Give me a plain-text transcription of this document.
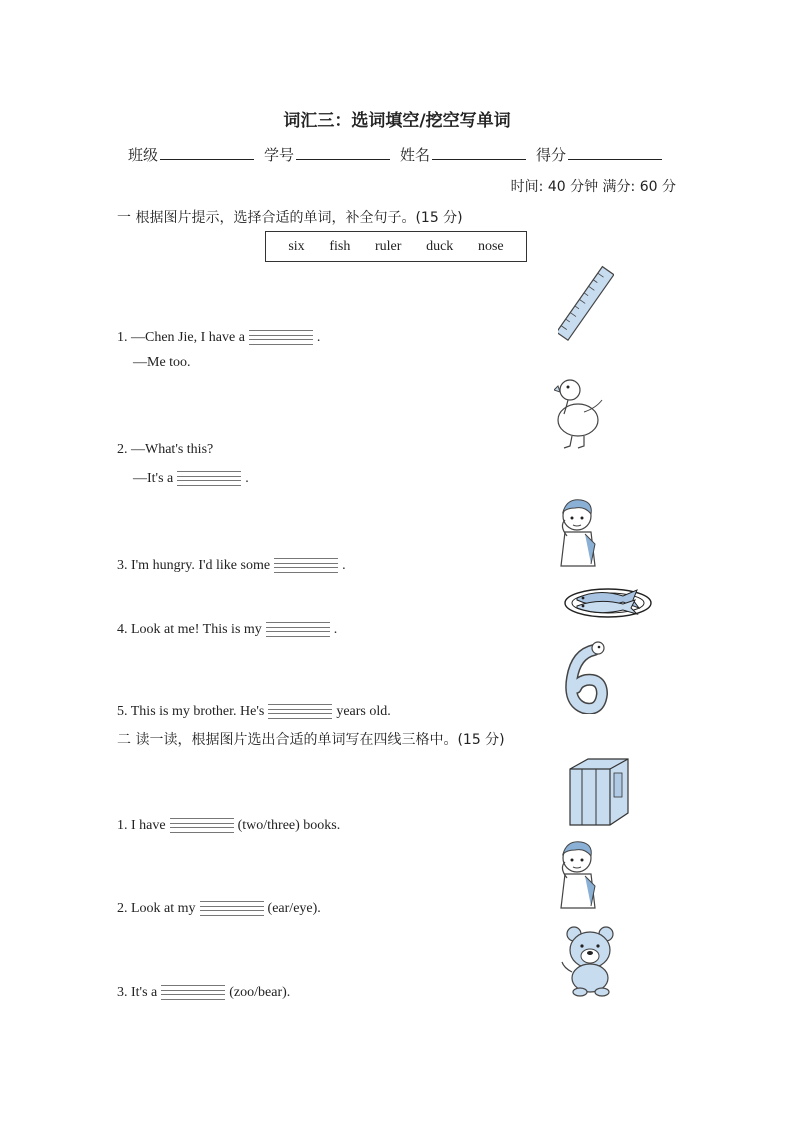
词汇三：选词填空/挖空写单词
班级	学号	姓名	得分
时间: 40 分钟 满分: 60 分
一 根据图片提示，选择合适的单词，补全句子。(15 分)
six fish ruler duck nose
1. —Chen Jie, I have a	.
—Me too.
2. —What's this?
—It's a	.
3. I'm hungry. I'd like some	.
4. Look at me! This is my	.
5. This is my brother. He's	years old.
二 读一读，根据图片选出合适的单词写在四线三格中。(15 分)
1. I have	(two/three) books.
2. Look at my	(ear/eye).
3. It's a	(zoo/bear).
